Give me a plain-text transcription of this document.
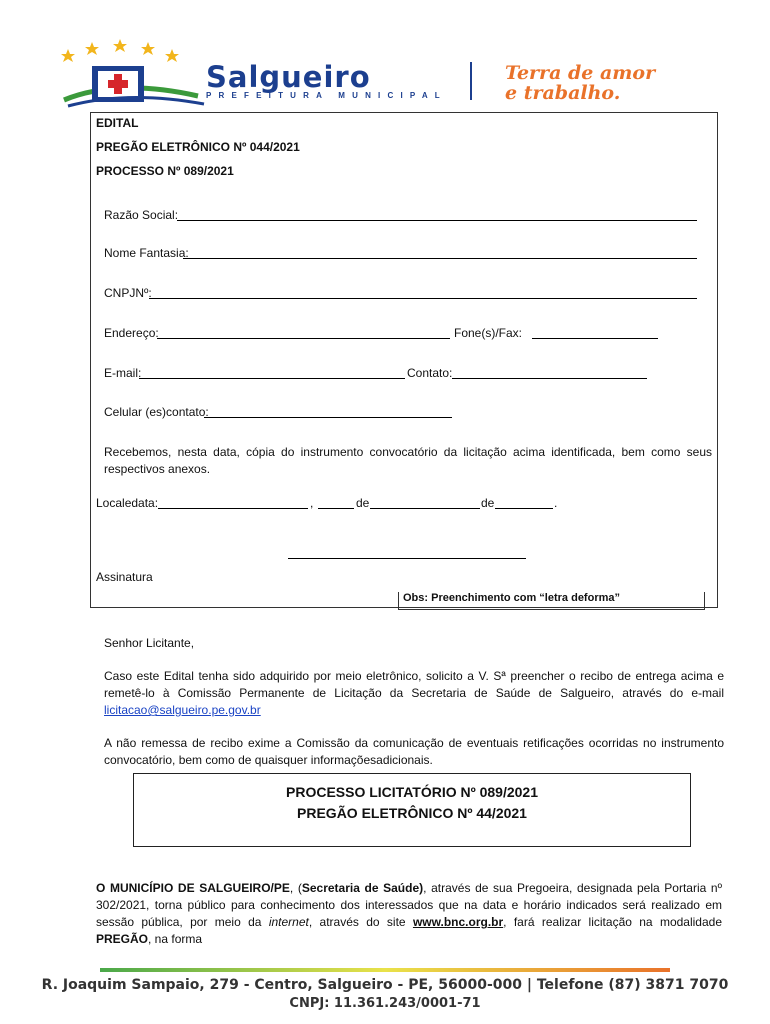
Salgueiro
PREFEITURA MUNICIPAL
Terra de amor
e trabalho.
EDITAL
PREGÃO ELETRÔNICO Nº 044/2021
PROCESSO Nº 089/2021
Razão Social:
Nome Fantasia:
CNPJNº:
Endereço:	Fone(s)/Fax:
E-mail:	Contato:
Celular (es)contato:
Recebemos, nesta data, cópia do instrumento convocatório da licitação acima identificada, bem como seus respectivos anexos.
Localedata:	,	de	de	.
Assinatura
Obs: Preenchimento com “letra deforma”
Senhor Licitante,
Caso este Edital tenha sido adquirido por meio eletrônico, solicito a V. Sª preencher o recibo de entrega acima e remetê-lo à Comissão Permanente de Licitação da Secretaria de Saúde de Salgueiro, através do e-mail licitacao@salgueiro.pe.gov.br
A não remessa de recibo exime a Comissão da comunicação de eventuais retificações ocorridas no instrumento convocatório, bem como de quaisquer informaçõesadicionais.
PROCESSO LICITATÓRIO Nº 089/2021
PREGÃO ELETRÔNICO Nº 44/2021
O MUNICÍPIO DE SALGUEIRO/PE, (Secretaria de Saúde), através de sua Pregoeira, designada pela Portaria nº 302/2021, torna público para conhecimento dos interessados que na data e horário indicados será realizado em sessão pública, por meio da internet, através do site www.bnc.org.br, fará realizar licitação na modalidade PREGÃO, na forma
R. Joaquim Sampaio, 279 - Centro, Salgueiro - PE, 56000-000 | Telefone (87) 3871 7070
CNPJ: 11.361.243/0001-71
